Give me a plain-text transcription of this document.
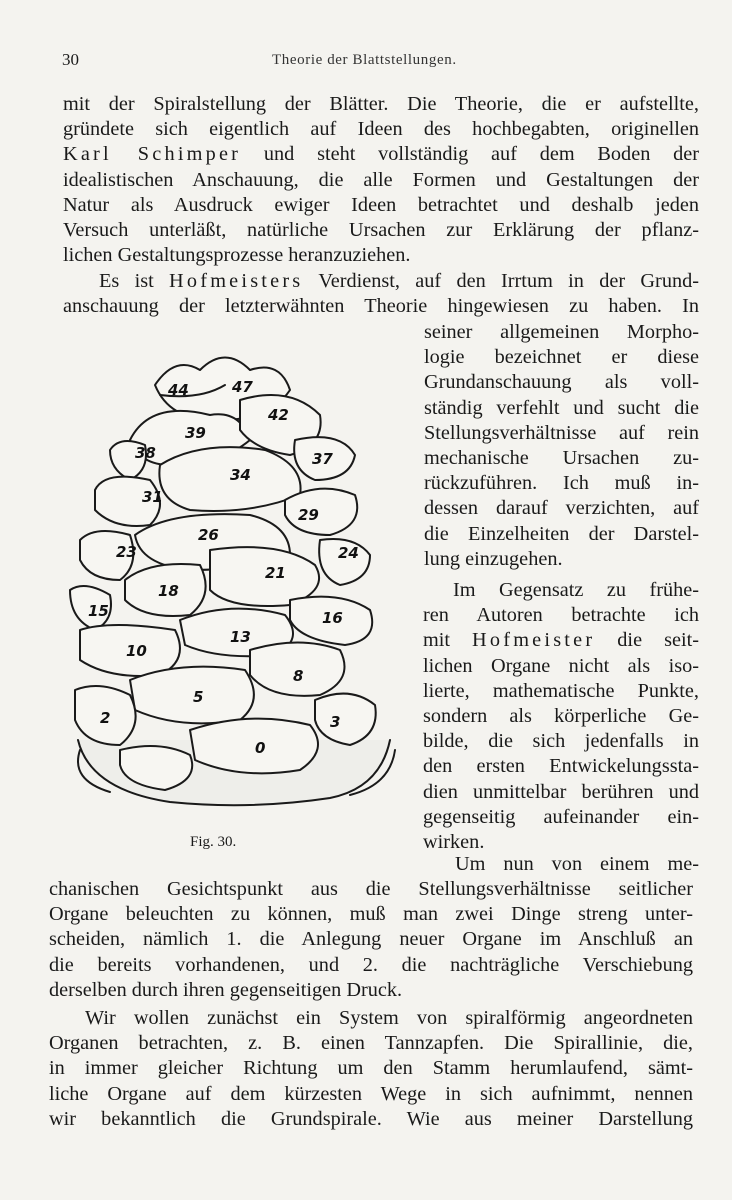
30	Theorie der Blattstellungen.
mit der Spiralstellung der Blätter. Die Theorie, die er aufstellte,
gründete sich eigentlich auf Ideen des hochbegabten, originellen
Karl Schimper und steht vollständig auf dem Boden der
idealistischen Anschauung, die alle Formen und Gestaltungen der
Natur als Ausdruck ewiger Ideen betrachtet und deshalb jeden
Versuch unterläßt, natürliche Ursachen zur Erklärung der pflanz-
lichen Gestaltungsprozesse heranzuziehen.
Es ist Hofmeisters Verdienst, auf den Irrtum in der Grund-
anschauung der letzterwähnten Theorie hingewiesen zu haben. In
seiner allgemeinen Morpho-
logie bezeichnet er diese
Grundanschauung als voll-
ständig verfehlt und sucht die
Stellungsverhältnisse auf rein
mechanische Ursachen zu-
rückzuführen. Ich muß in-
dessen darauf verzichten, auf
die Einzelheiten der Darstel-
lung einzugehen.
Im Gegensatz zu frühe-
ren Autoren betrachte ich
mit Hofmeister die seit-
lichen Organe nicht als iso-
lierte, mathematische Punkte,
sondern als körperliche Ge-
bilde, die sich jedenfalls in
den ersten Entwickelungssta-
dien unmittelbar berühren und
gegenseitig aufeinander ein-
wirken.
Um nun von einem me-
chanischen Gesichtspunkt aus die Stellungsverhältnisse seitlicher
Organe beleuchten zu können, muß man zwei Dinge streng unter-
scheiden, nämlich 1. die Anlegung neuer Organe im Anschluß an
die bereits vorhandenen, und 2. die nachträgliche Verschiebung
derselben durch ihren gegenseitigen Druck.
Wir wollen zunächst ein System von spiralförmig angeordneten
Organen betrachten, z. B. einen Tannzapfen. Die Spirallinie, die,
in immer gleicher Richtung um den Stamm herumlaufend, sämt-
liche Organe auf dem kürzesten Wege in sich aufnimmt, nennen
wir bekanntlich die Grundspirale. Wie aus meiner Darstellung
44	47
42
39
38	37
34
31
29
26
23	24
21
18
15	16
13
10
8
5
2	3
0
Fig. 30.
